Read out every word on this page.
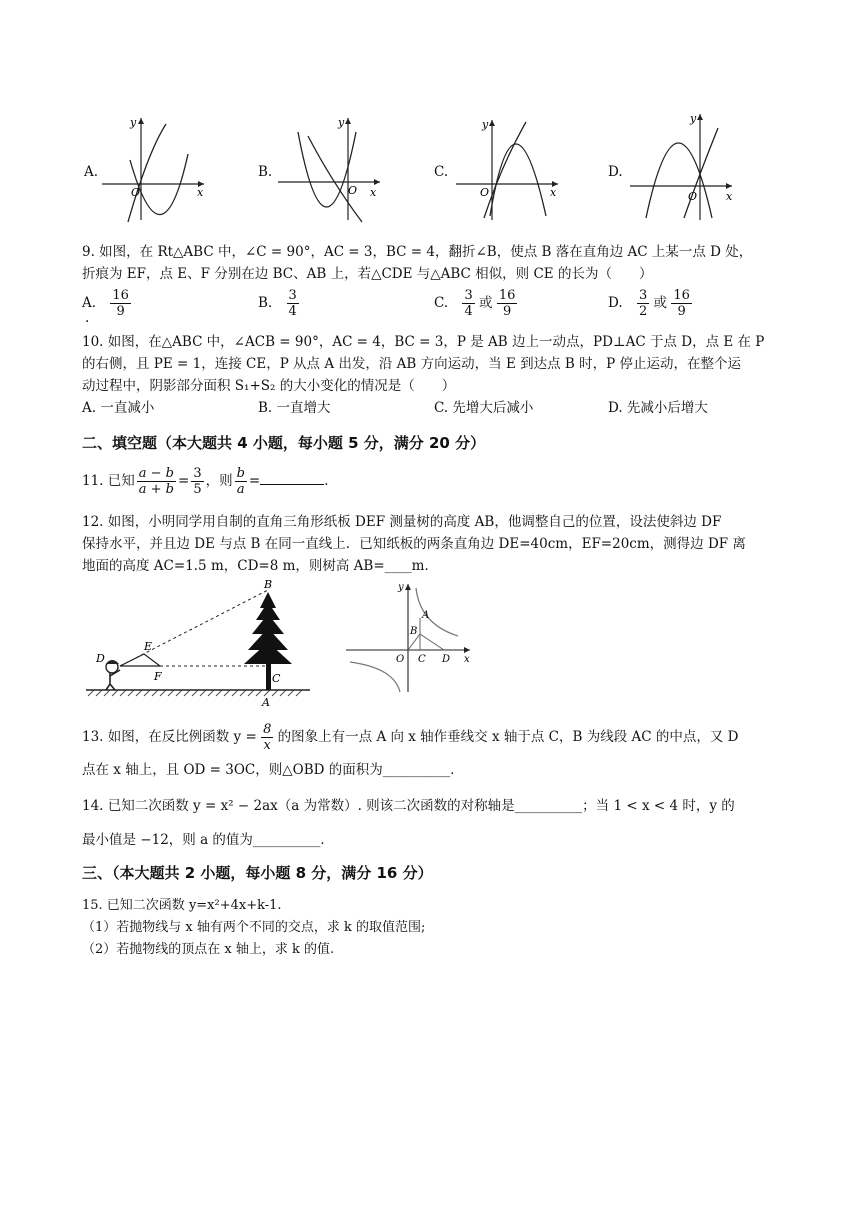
A.	B.	C.	D.
y
x
O
y
x
O
y
x
O
y
x
O
9. 如图，在 Rt△ABC 中，∠C = 90°，AC = 3，BC = 4，翻折∠B，使点 B 落在直角边 AC 上某一点 D 处，
折痕为 EF，点 E、F 分别在边 BC、AB 上，若△CDE 与△ABC 相似，则 CE 的长为（　　）
A. $\frac{16}{9}$
.
B. $\frac{3}{4}$	C. $\frac{3}{4}$ 或 $\frac{16}{9}$	D. $\frac{3}{2}$ 或 $\frac{16}{9}$
10. 如图，在△ABC 中，∠ACB = 90°，AC = 4，BC = 3，P 是 AB 边上一动点，PD⊥AC 于点 D，点 E 在 P
的右侧，且 PE = 1，连接 CE，P 从点 A 出发，沿 AB 方向运动，当 E 到达点 B 时，P 停止运动，在整个运
动过程中，阴影部分面积 S₁+S₂ 的大小变化的情况是（　　）
A. 一直减小	B. 一直增大	C. 先增大后减小	D. 先减小后增大
二、填空题（本大题共 4 小题，每小题 5 分，满分 20 分）
11. 已知 $\frac{a - b}{a + b} = \frac{3}{5}$ ，则 $\frac{b}{a}$ =	．
12. 如图，小明同学用自制的直角三角形纸板 DEF 测量树的高度 AB，他调整自己的位置，设法使斜边 DF
保持水平，并且边 DE 与点 B 在同一直线上．已知纸板的两条直角边 DE=40cm，EF=20cm，测得边 DF 离
地面的高度 AC=1.5 m，CD=8 m，则树高 AB=____m．
B
E
D
F	C
A
y
A
B
O C D x
13. 如图，在反比例函数 $y = \frac{8}{x}$ 的图象上有一点 A 向 x 轴作垂线交 x 轴于点 C，B 为线段 AC 的中点，又 D
点在 x 轴上，且 OD = 3OC，则△OBD 的面积为__________．
14. 已知二次函数 y = x² − 2ax（a 为常数）. 则该二次函数的对称轴是__________；当 1 < x < 4 时，y 的
最小值是 −12，则 a 的值为__________．
三、（本大题共 2 小题，每小题 8 分，满分 16 分）
15. 已知二次函数 y=x²+4x+k-1.
（1）若抛物线与 x 轴有两个不同的交点，求 k 的取值范围;
（2）若抛物线的顶点在 x 轴上，求 k 的值.
